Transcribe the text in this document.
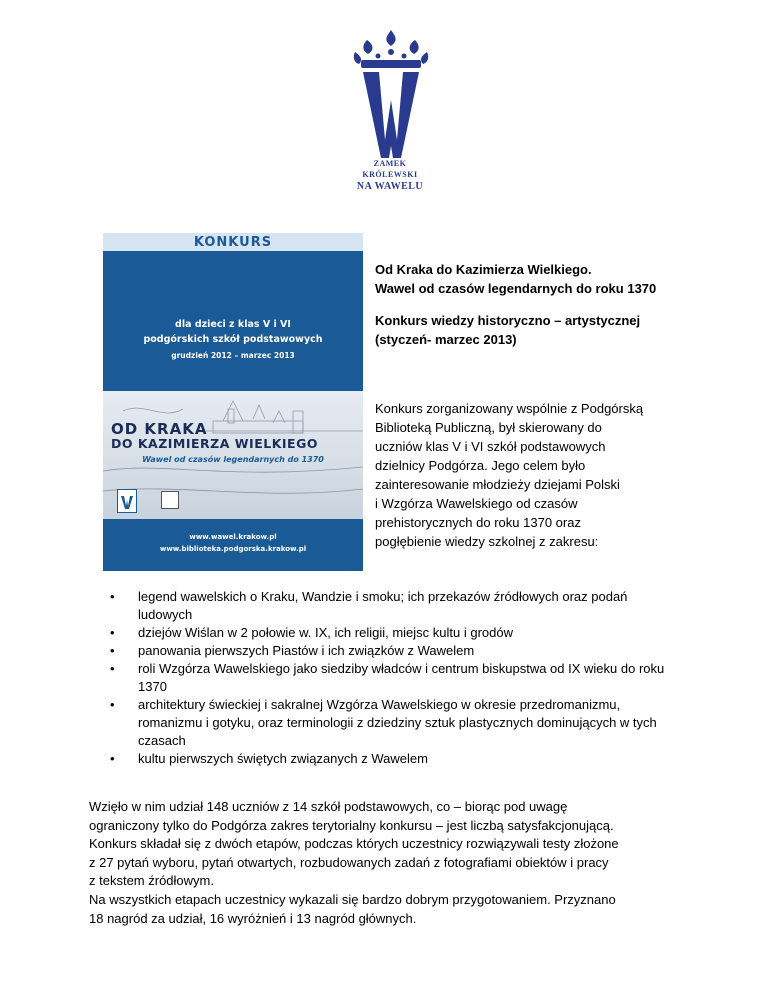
ZAMEK
KRÓLEWSKI
NA WAWELU
KONKURS
dla dzieci z klas V i VI
podgórskich szkół podstawowych
grudzień 2012 – marzec 2013
OD KRAKA
DO KAZIMIERZA WIELKIEGO
Wawel od czasów legendarnych do 1370
www.wawel.krakow.pl
www.biblioteka.podgorska.krakow.pl
Od Kraka do Kazimierza Wielkiego.
Wawel od czasów legendarnych do roku 1370
Konkurs wiedzy historyczno – artystycznej
(styczeń- marzec 2013)
Konkurs zorganizowany wspólnie z Podgórską
Biblioteką Publiczną, był skierowany do
uczniów klas V i VI szkół podstawowych
dzielnicy Podgórza. Jego celem było
zainteresowanie młodzieży dziejami Polski
i Wzgórza Wawelskiego od czasów
prehistorycznych do roku 1370 oraz
pogłębienie wiedzy szkolnej z zakresu:
• legend wawelskich o Kraku, Wandzie i smoku; ich przekazów źródłowych oraz podań ludowych
• dziejów Wiślan w 2 połowie w. IX, ich religii, miejsc kultu i grodów
• panowania pierwszych Piastów i ich związków z Wawelem
• roli Wzgórza Wawelskiego jako siedziby władców i centrum biskupstwa od IX wieku do roku 1370
• architektury świeckiej i sakralnej Wzgórza Wawelskiego w okresie przedromanizmu, romanizmu i gotyku, oraz terminologii z dziedziny sztuk plastycznych dominujących w tych czasach
• kultu pierwszych świętych związanych z Wawelem
Wzięło w nim udział 148 uczniów z 14 szkół podstawowych, co – biorąc pod uwagę
ograniczony tylko do Podgórza zakres terytorialny konkursu – jest liczbą satysfakcjonującą.
Konkurs składał się z dwóch etapów, podczas których uczestnicy rozwiązywali testy złożone
z 27 pytań wyboru, pytań otwartych, rozbudowanych zadań z fotografiami obiektów i pracy
z tekstem źródłowym.
Na wszystkich etapach uczestnicy wykazali się bardzo dobrym przygotowaniem. Przyznano
18 nagród za udział, 16 wyróżnień i 13 nagród głównych.
